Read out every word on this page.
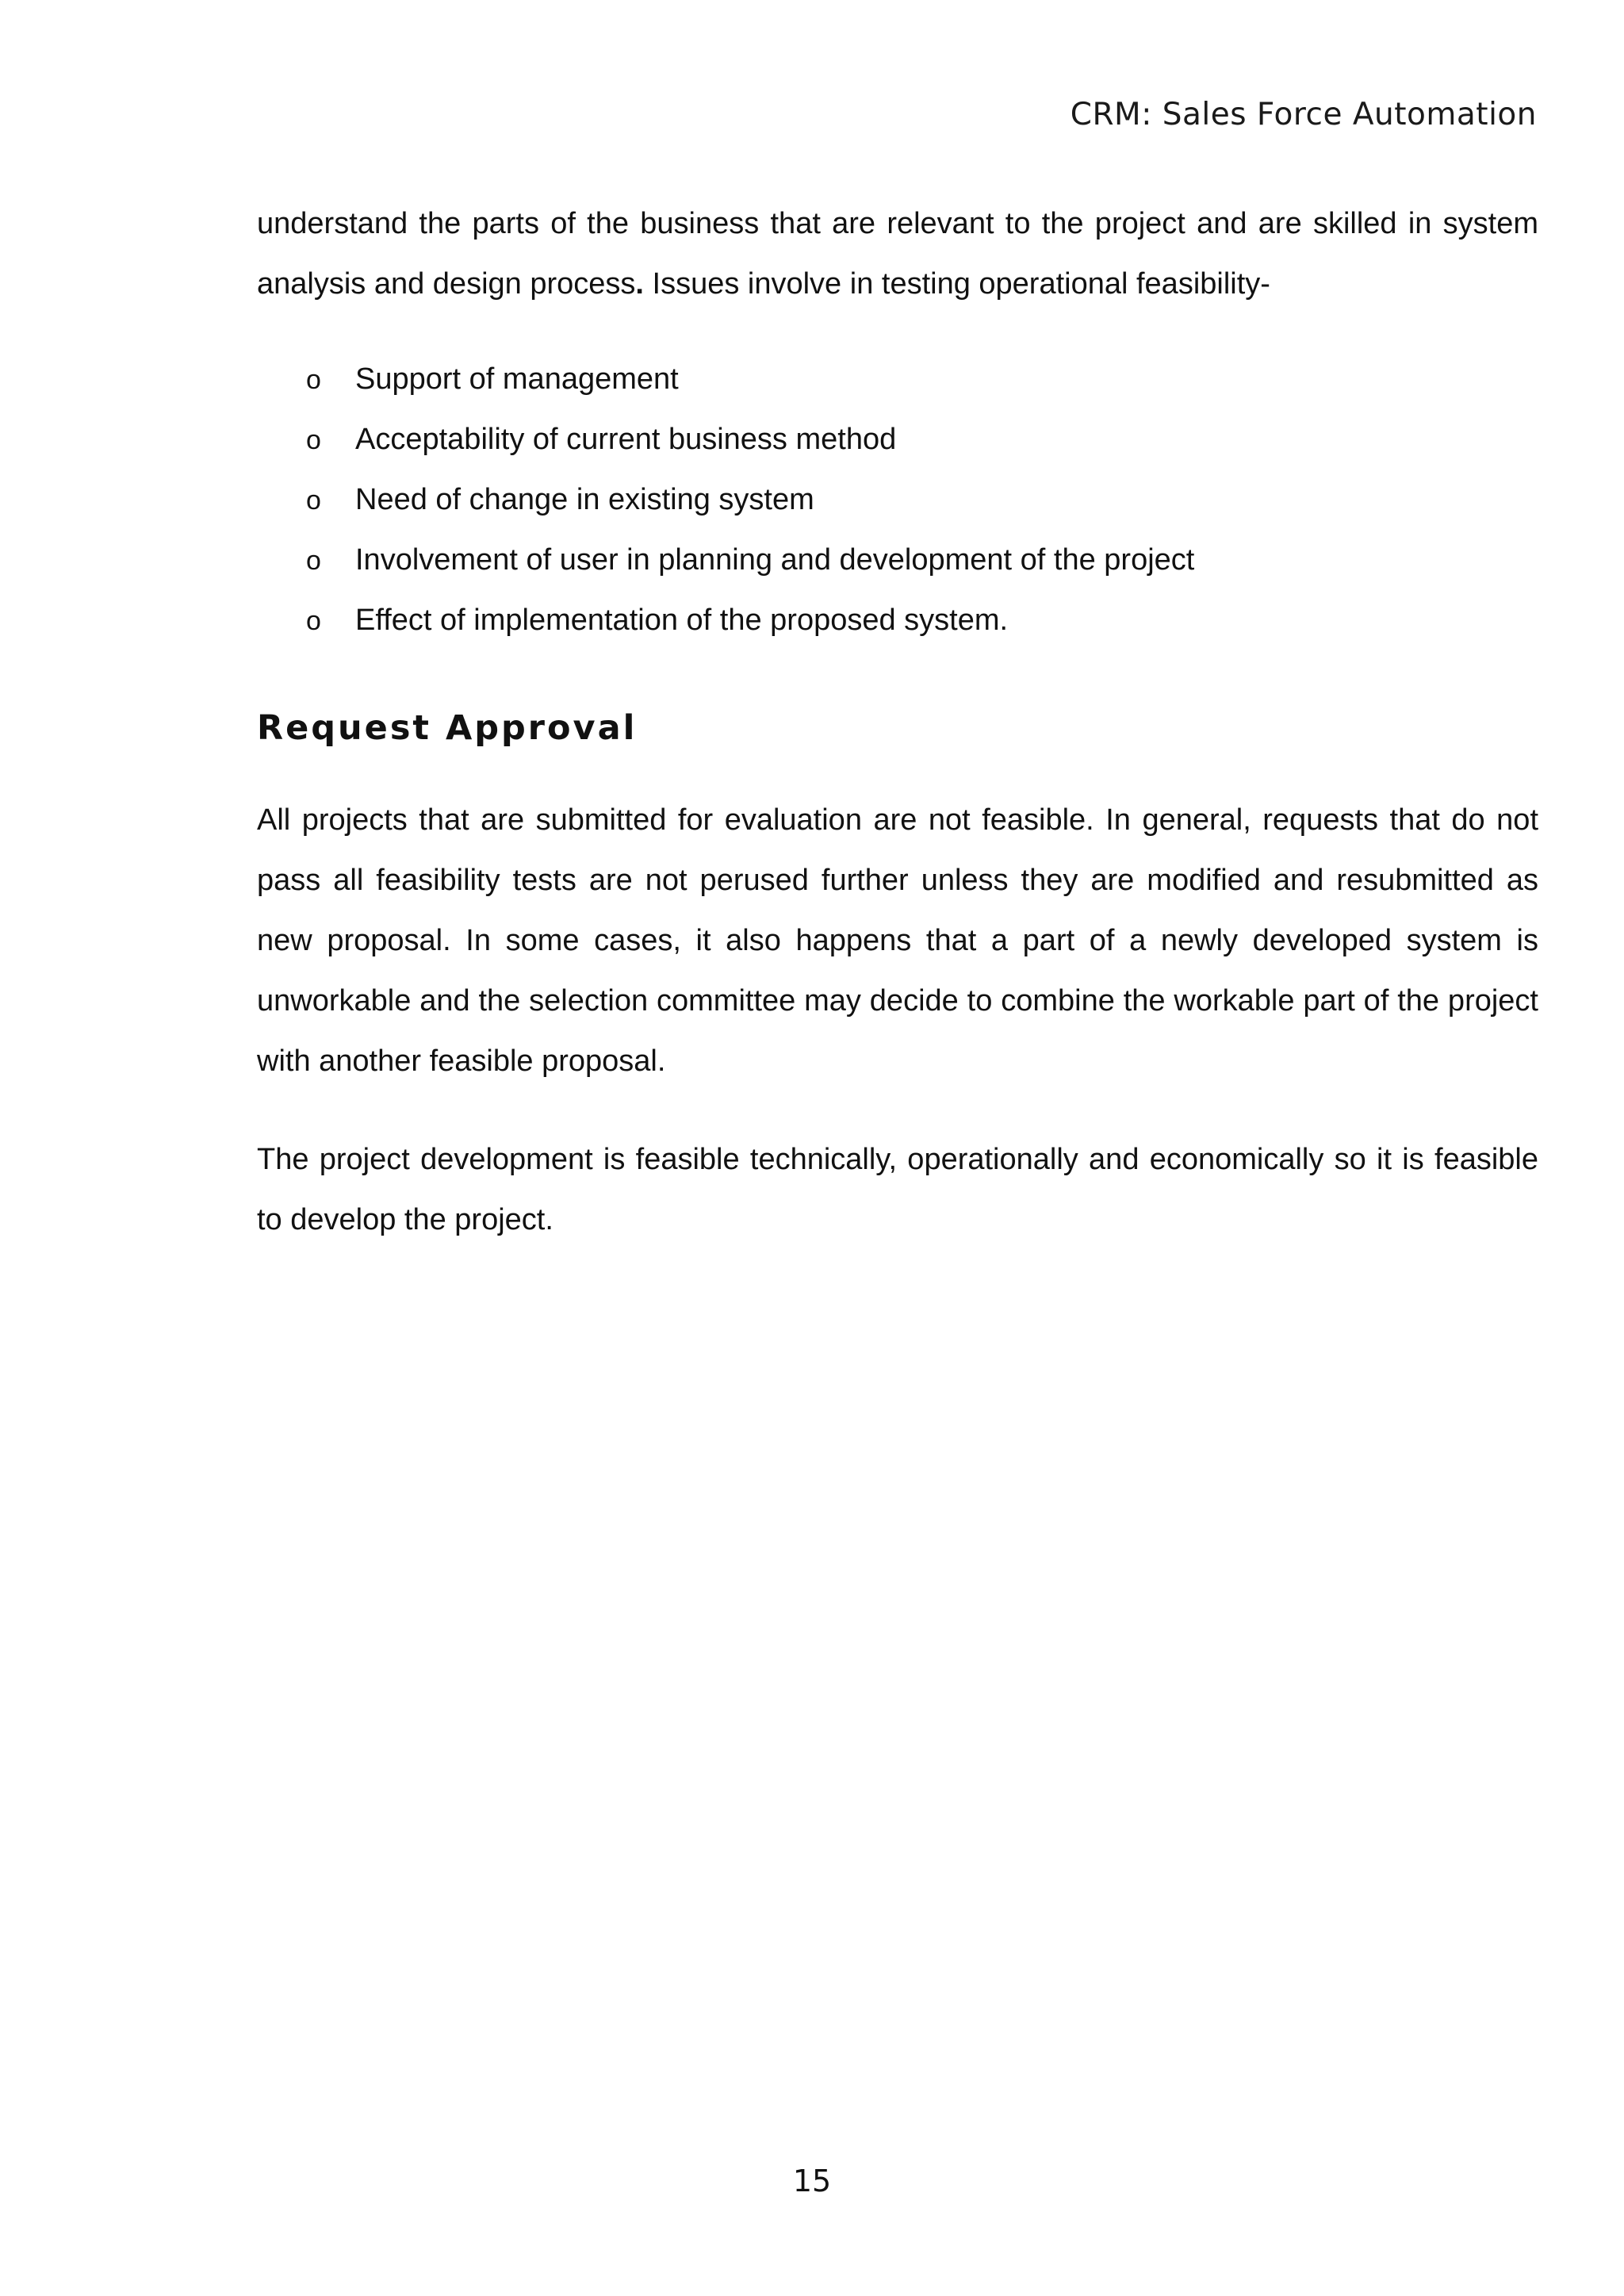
CRM: Sales Force Automation

understand the parts of the business that are relevant to the project and are skilled in system analysis and design process. Issues involve in testing operational feasibility-

o	Support of management
o	Acceptability of current business method
o	Need of change in existing system
o	Involvement of user in planning and development of the project
o	Effect of implementation of the proposed system.
Request Approval

All projects that are submitted for evaluation are not feasible. In general, requests that do not pass all feasibility tests are not perused further unless they are modified and resubmitted as new proposal. In some cases, it also happens that a part of a newly developed system is unworkable and the selection committee may decide to combine the workable part of the project with another feasible proposal.

The project development is feasible technically, operationally and economically so it is feasible to develop the project.

15
